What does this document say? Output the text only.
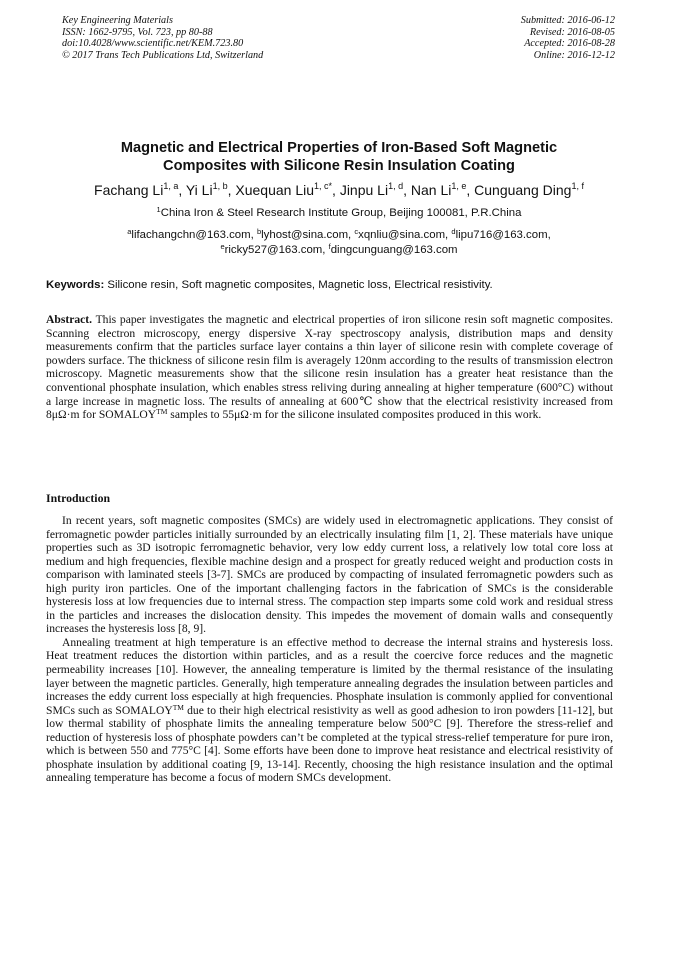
Key Engineering Materials
ISSN: 1662-9795, Vol. 723, pp 80-88
doi:10.4028/www.scientific.net/KEM.723.80
© 2017 Trans Tech Publications Ltd, Switzerland
Submitted: 2016-06-12
Revised: 2016-08-05
Accepted: 2016-08-28
Online: 2016-12-12
Magnetic and Electrical Properties of Iron-Based Soft Magnetic
Composites with Silicone Resin Insulation Coating
Fachang Li$^{1, a}$, Yi Li$^{1, b}$, Xuequan Liu$^{1, c*}$, Jinpu Li$^{1, d}$, Nan Li$^{1, e}$, Cunguang Ding$^{1, f}$
$^1$China Iron & Steel Research Institute Group, Beijing 100081, P.R.China
$^a$lifachangchn@163.com, $^b$lyhost@sina.com, $^c$xqnliu@sina.com, $^d$lipu716@163.com,
$^e$ricky527@163.com, $^f$dingcunguang@163.com
Keywords: Silicone resin, Soft magnetic composites, Magnetic loss, Electrical resistivity.
Abstract. This paper investigates the magnetic and electrical properties of iron silicone resin soft magnetic composites. Scanning electron microscopy, energy dispersive X-ray spectroscopy analysis, distribution maps and density measurements confirm that the particles surface layer contains a thin layer of silicone resin with complete coverage of powders surface. The thickness of silicone resin film is averagely 120nm according to the results of transmission electron microscopy. Magnetic measurements show that the silicone resin insulation has a greater heat resistance than the conventional phosphate insulation, which enables stress reliving during annealing at higher temperature (600°C) without a large increase in magnetic loss. The results of annealing at 600℃ show that the electrical resistivity increased from 8μΩ·m for SOMALOY™ samples to 55μΩ·m for the silicone insulated composites produced in this work.
Introduction

In recent years, soft magnetic composites (SMCs) are widely used in electromagnetic applications. They consist of ferromagnetic powder particles initially surrounded by an electrically insulating film [1, 2]. These materials have unique properties such as 3D isotropic ferromagnetic behavior, very low eddy current loss, a relatively low total core loss at medium and high frequencies, flexible machine design and a prospect for greatly reduced weight and production costs in comparison with laminated steels [3-7]. SMCs are produced by compacting of insulated ferromagnetic powders such as high purity iron particles. One of the important challenging factors in the fabrication of SMCs is the considerable hysteresis loss at low frequencies due to internal stress. The compaction step imparts some cold work and residual stress in the particles and increases the dislocation density. This impedes the movement of domain walls and consequently increases the hysteresis loss [8, 9].

Annealing treatment at high temperature is an effective method to decrease the internal strains and hysteresis loss. Heat treatment reduces the distortion within particles, and as a result the coercive force reduces and the magnetic permeability increases [10]. However, the annealing temperature is limited by the thermal resistance of the insulating layer between the magnetic particles. Generally, high temperature annealing degrades the insulation between particles and increases the eddy current loss especially at high frequencies. Phosphate insulation is commonly applied for conventional SMCs such as SOMALOY™ due to their high electrical resistivity as well as good adhesion to iron powders [11-12], but low thermal stability of phosphate limits the annealing temperature below 500°C [9]. Therefore the stress-relief and reduction of hysteresis loss of phosphate powders can’t be completed at the typical stress-relief temperature for pure iron, which is between 550 and 775°C [4]. Some efforts have been done to improve heat resistance and electrical resistivity of phosphate insulation by additional coating [9, 13-14]. Recently, choosing the high resistance insulation and the optimal annealing temperature has become a focus of modern SMCs development.
